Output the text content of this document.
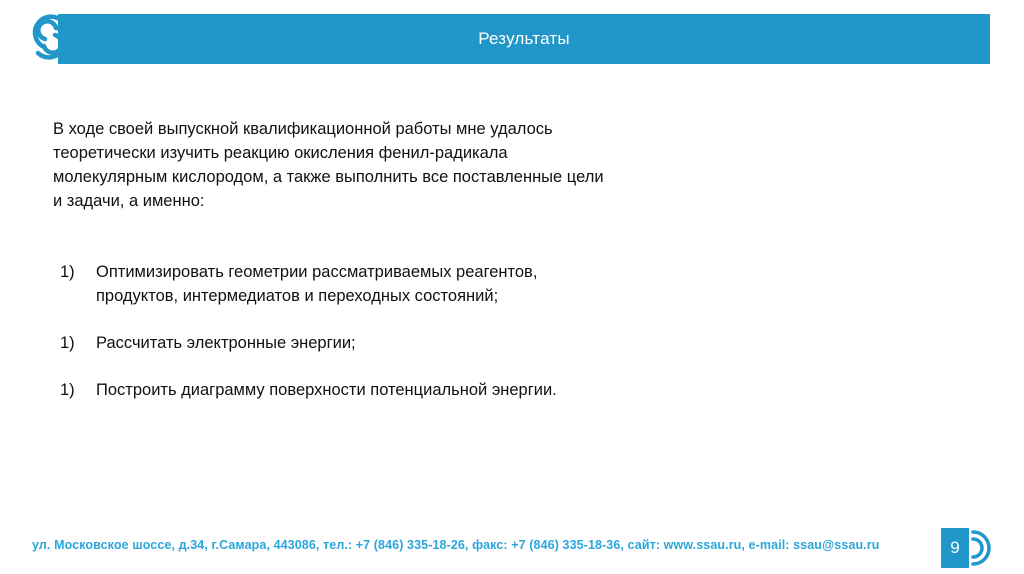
Результаты

В ходе своей выпускной квалификационной работы мне удалось теоретически изучить реакцию окисления фенил-радикала молекулярным кислородом, а также выполнить все поставленные цели и задачи, а именно:

1)	Оптимизировать геометрии рассматриваемых реагентов, продуктов, интермедиатов и переходных состояний;
1)	Рассчитать электронные энергии;
1)	Построить диаграмму поверхности потенциальной энергии.
ул. Московское шоссе, д.34, г.Самара, 443086, тел.: +7 (846) 335-18-26, факс: +7 (846) 335-18-36, сайт: www.ssau.ru, e-mail: ssau@ssau.ru	9
